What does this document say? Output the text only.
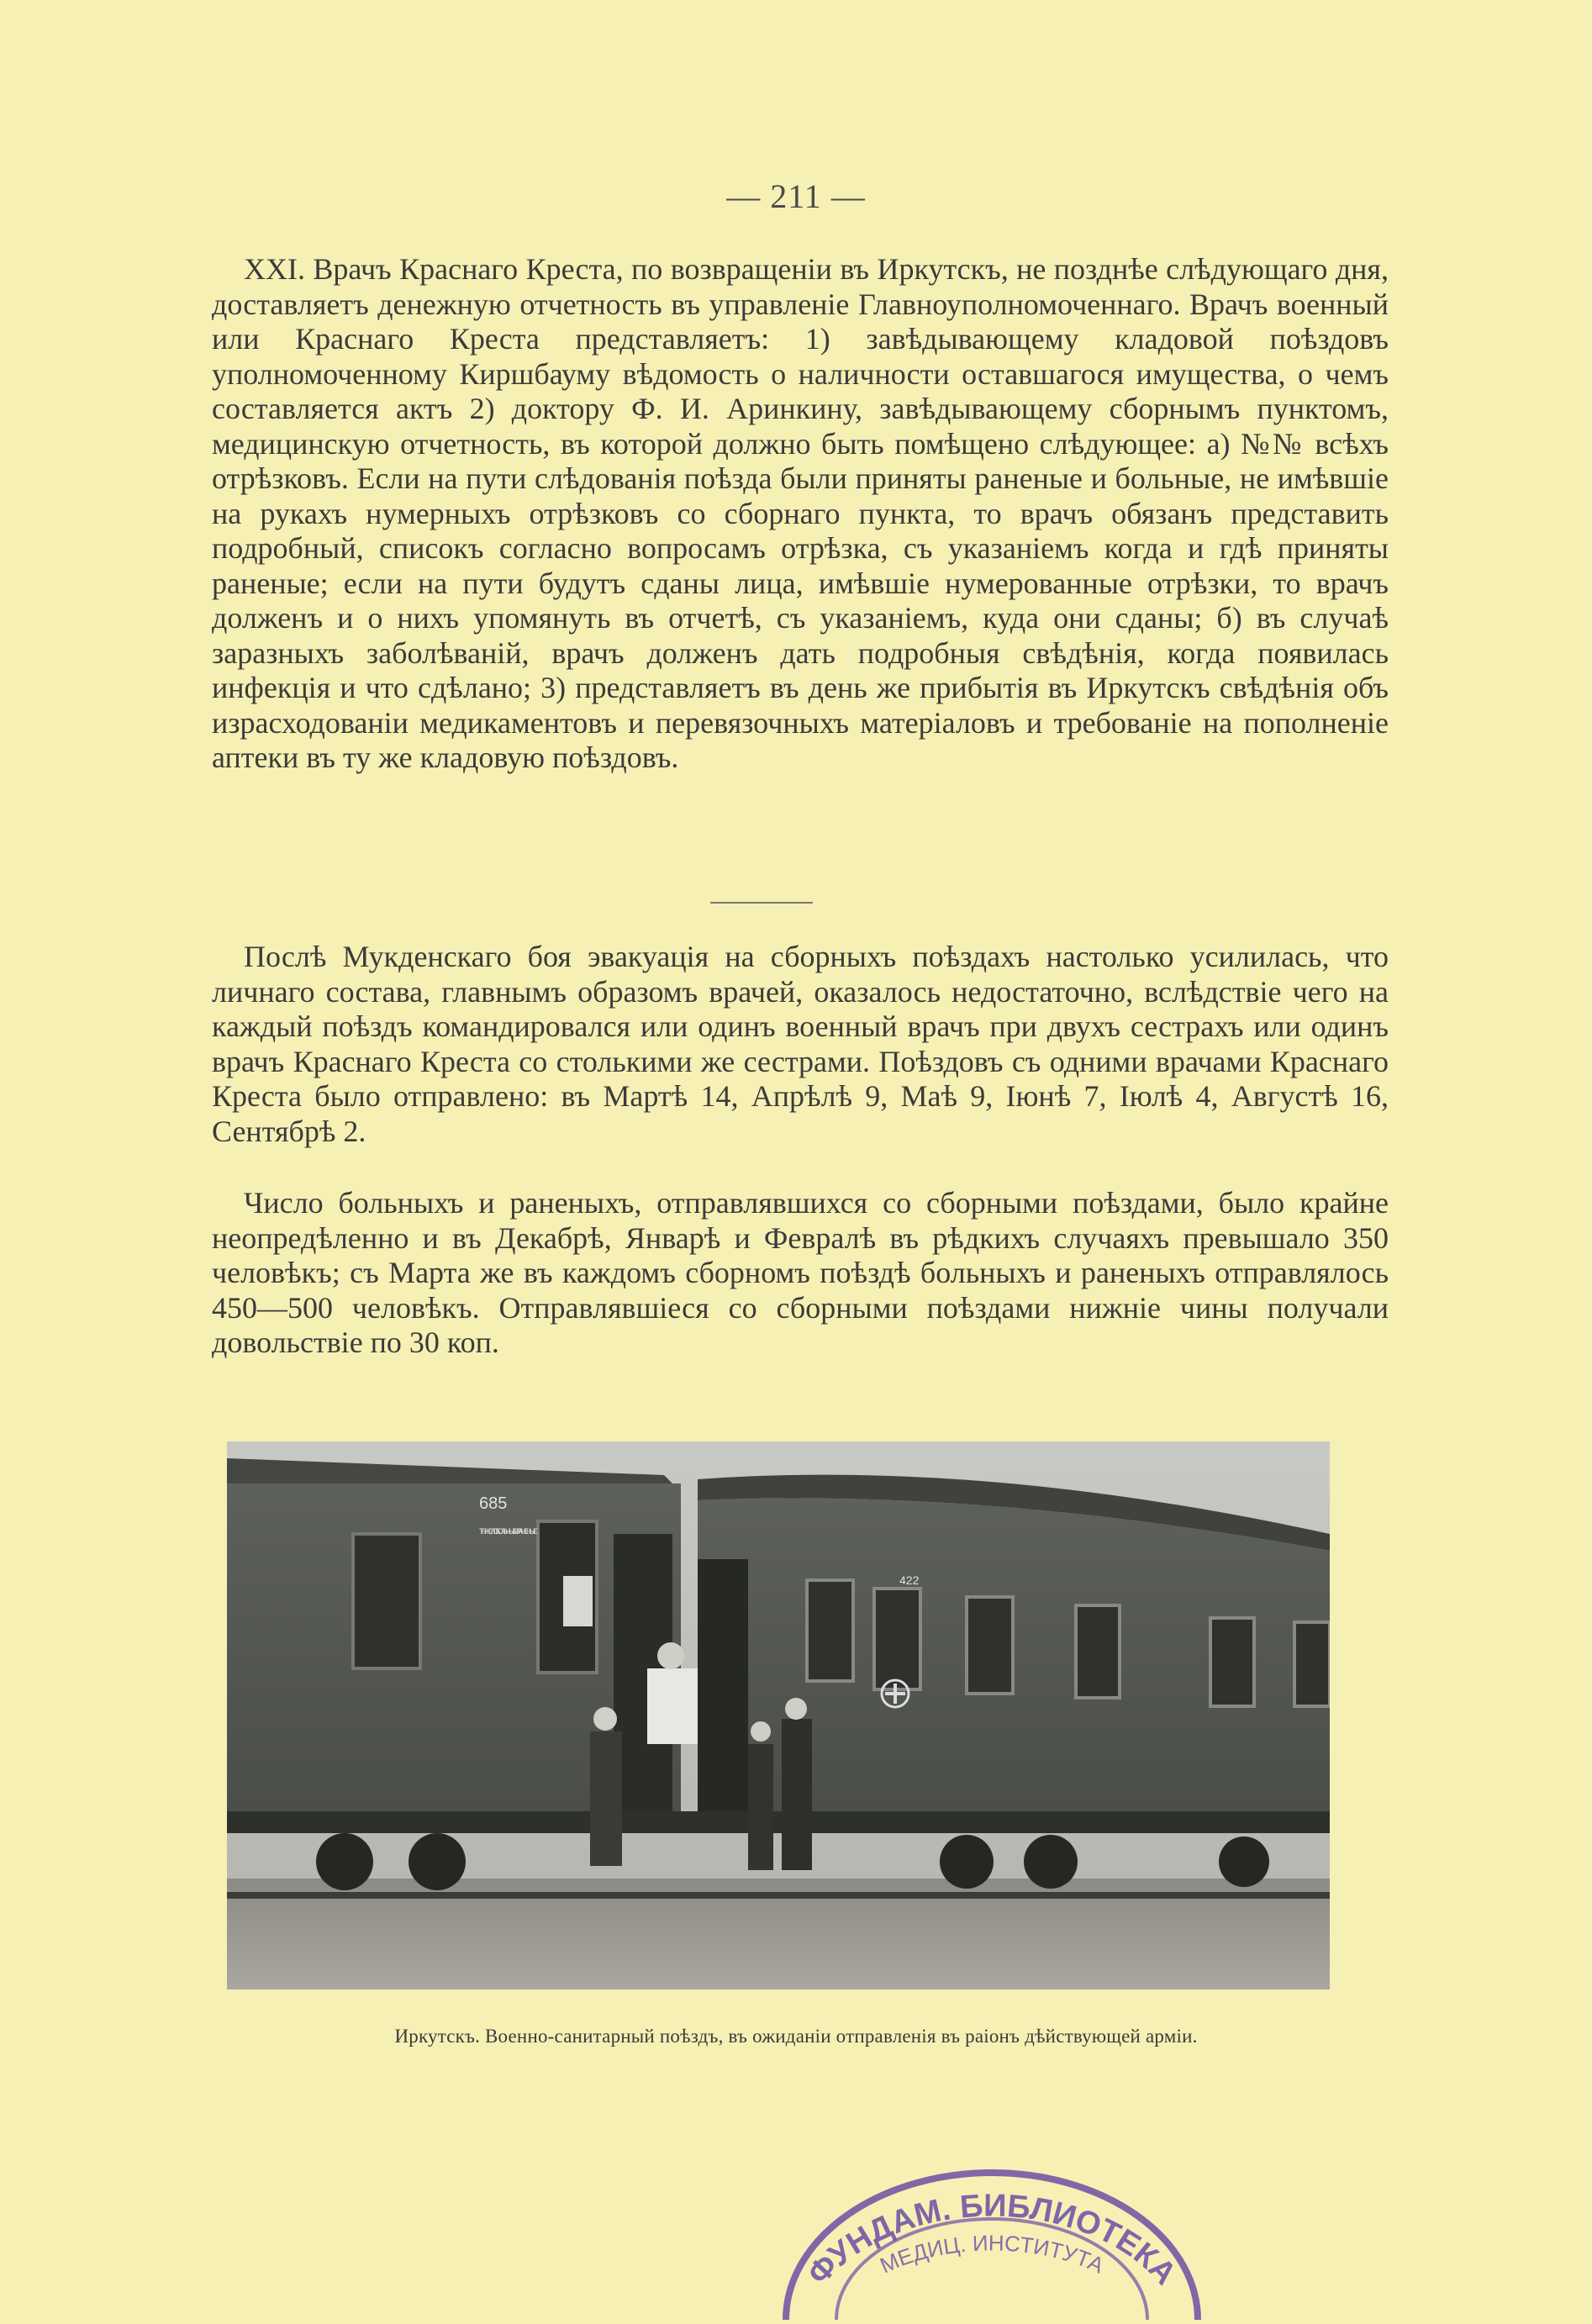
— 211 —

XXI. Врачъ Краснаго Креста, по возвращеніи въ Иркутскъ, не позднѣе слѣдующаго дня, доставляетъ денежную отчетность въ управленіе Главноуполномоченнаго. Врачъ военный или Краснаго Креста представляетъ: 1) завѣдывающему кладовой поѣздовъ уполномоченному Киршбауму вѣдомость о наличности оставшагося имущества, о чемъ составляется актъ 2) доктору Ф. И. Аринкину, завѣдывающему сборнымъ пунктомъ, медицинскую отчетность, въ которой должно быть помѣщено слѣдующее: а) №№ всѣхъ отрѣзковъ. Если на пути слѣдованія поѣзда были приняты раненые и больные, не имѣвшіе на рукахъ нумерныхъ отрѣзковъ со сборнаго пункта, то врачъ обязанъ представить подробный, списокъ согласно вопросамъ отрѣзка, съ указаніемъ когда и гдѣ приняты раненые; если на пути будутъ сданы лица, имѣвшіе нумерованные отрѣзки, то врачъ долженъ и о нихъ упомянуть въ отчетѣ, съ указаніемъ, куда они сданы; б) въ случаѣ заразныхъ заболѣваній, врачъ долженъ дать подробныя свѣдѣнія, когда появилась инфекція и что сдѣлано; 3) представляетъ въ день же прибытія въ Иркутскъ свѣдѣнія объ израсходованіи медикаментовъ и перевязочныхъ матеріаловъ и требованіе на пополненіе аптеки въ ту же кладовую поѣздовъ.

Послѣ Мукденскаго боя эвакуація на сборныхъ поѣздахъ настолько усилилась, что личнаго состава, главнымъ образомъ врачей, оказалось недостаточно, вслѣдствіе чего на каждый поѣздъ командировался или одинъ военный врачъ при двухъ сестрахъ или одинъ врачъ Краснаго Креста со столькими же сестрами. Поѣздовъ съ одними врачами Краснаго Креста было отправлено: въ Мартѣ 14, Апрѣлѣ 9, Маѣ 9, Іюнѣ 7, Іюлѣ 4, Августѣ 16, Сентябрѣ 2.

Число больныхъ и раненыхъ, отправлявшихся со сборными поѣздами, было крайне неопредѣленно и въ Декабрѣ, Январѣ и Февралѣ въ рѣдкихъ случаяхъ превышало 350 человѣкъ; съ Марта же въ каждомъ сборномъ поѣздѣ больныхъ и раненыхъ отправлялось 450—500 человѣкъ. Отправлявшіеся со сборными поѣздами нижніе чины получали довольствіе по 30 коп.

685
ТЯЖЕЛО БОЛЬНЫЕ И РАНЕНЫЕ
422
Иркутскъ. Военно-санитарный поѣздъ, въ ожиданіи отправленія въ раіонъ дѣйствующей арміи.
ФУНДАМ. БИБЛИОТЕКА
МЕДИЦ. ИНСТИТУТА
